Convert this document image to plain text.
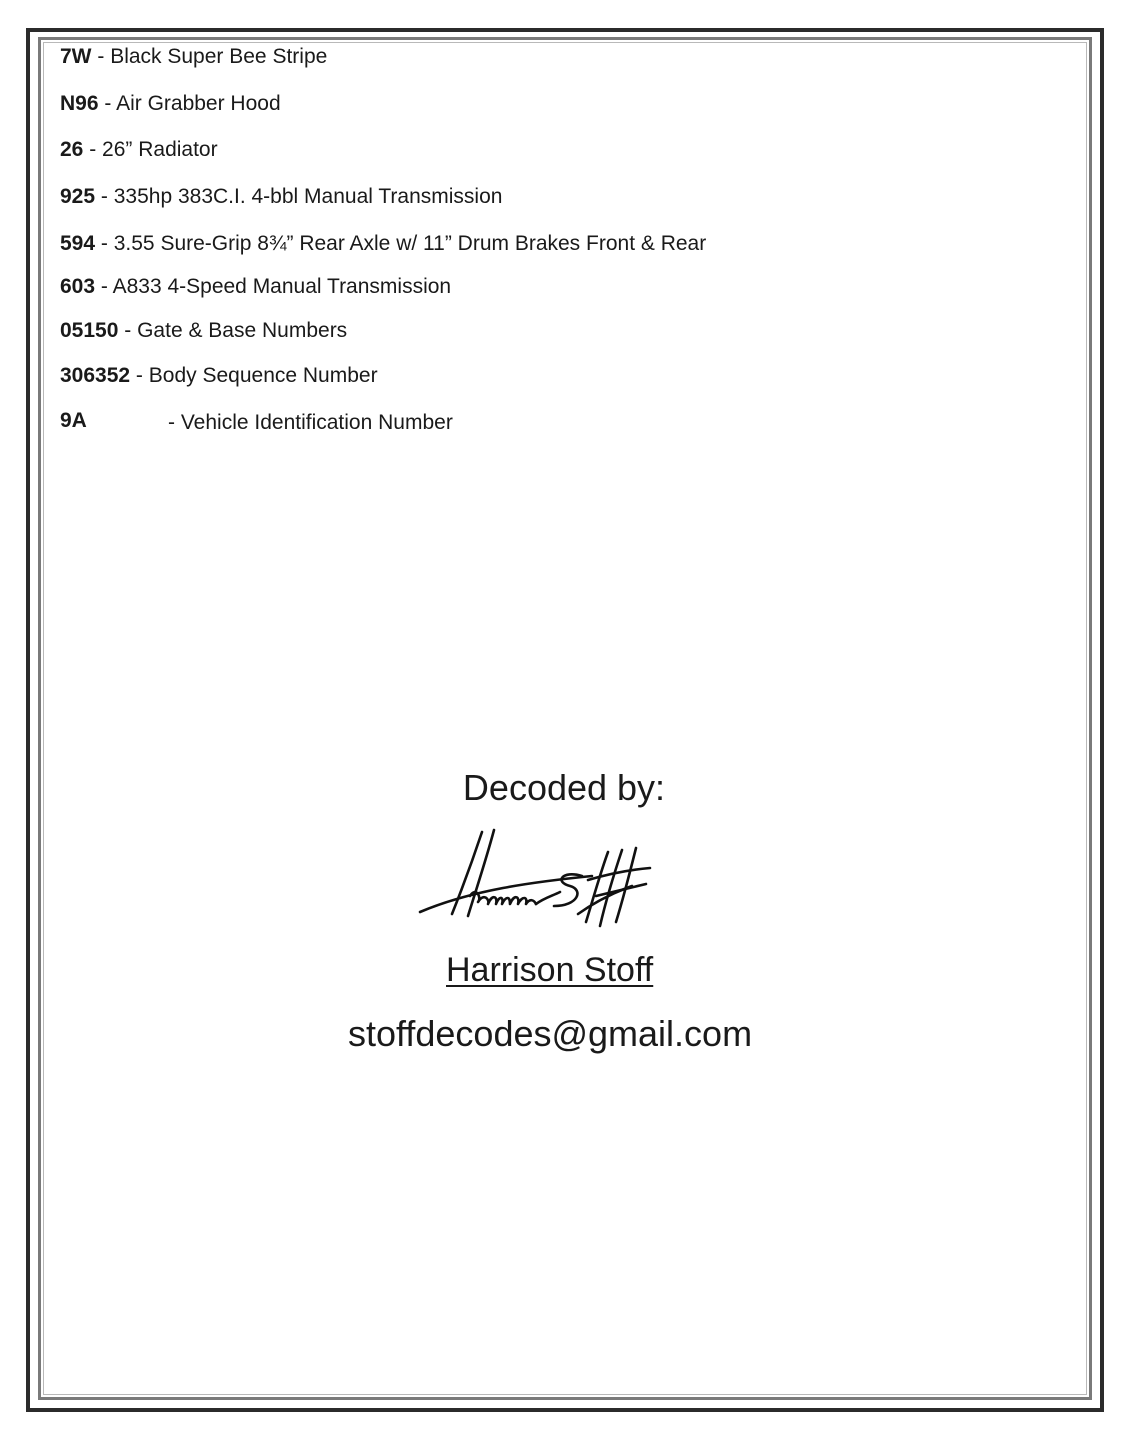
7W - Black Super Bee Stripe
N96 - Air Grabber Hood
26 - 26” Radiator
925 - 335hp 383C.I. 4-bbl Manual Transmission
594 - 3.55 Sure-Grip 8¾” Rear Axle w/ 11” Drum Brakes Front & Rear
603 - A833 4-Speed Manual Transmission
05150 - Gate & Base Numbers
306352 - Body Sequence Number
9A	- Vehicle Identification Number
Decoded by:
Harrison Stoff
stoffdecodes@gmail.com
